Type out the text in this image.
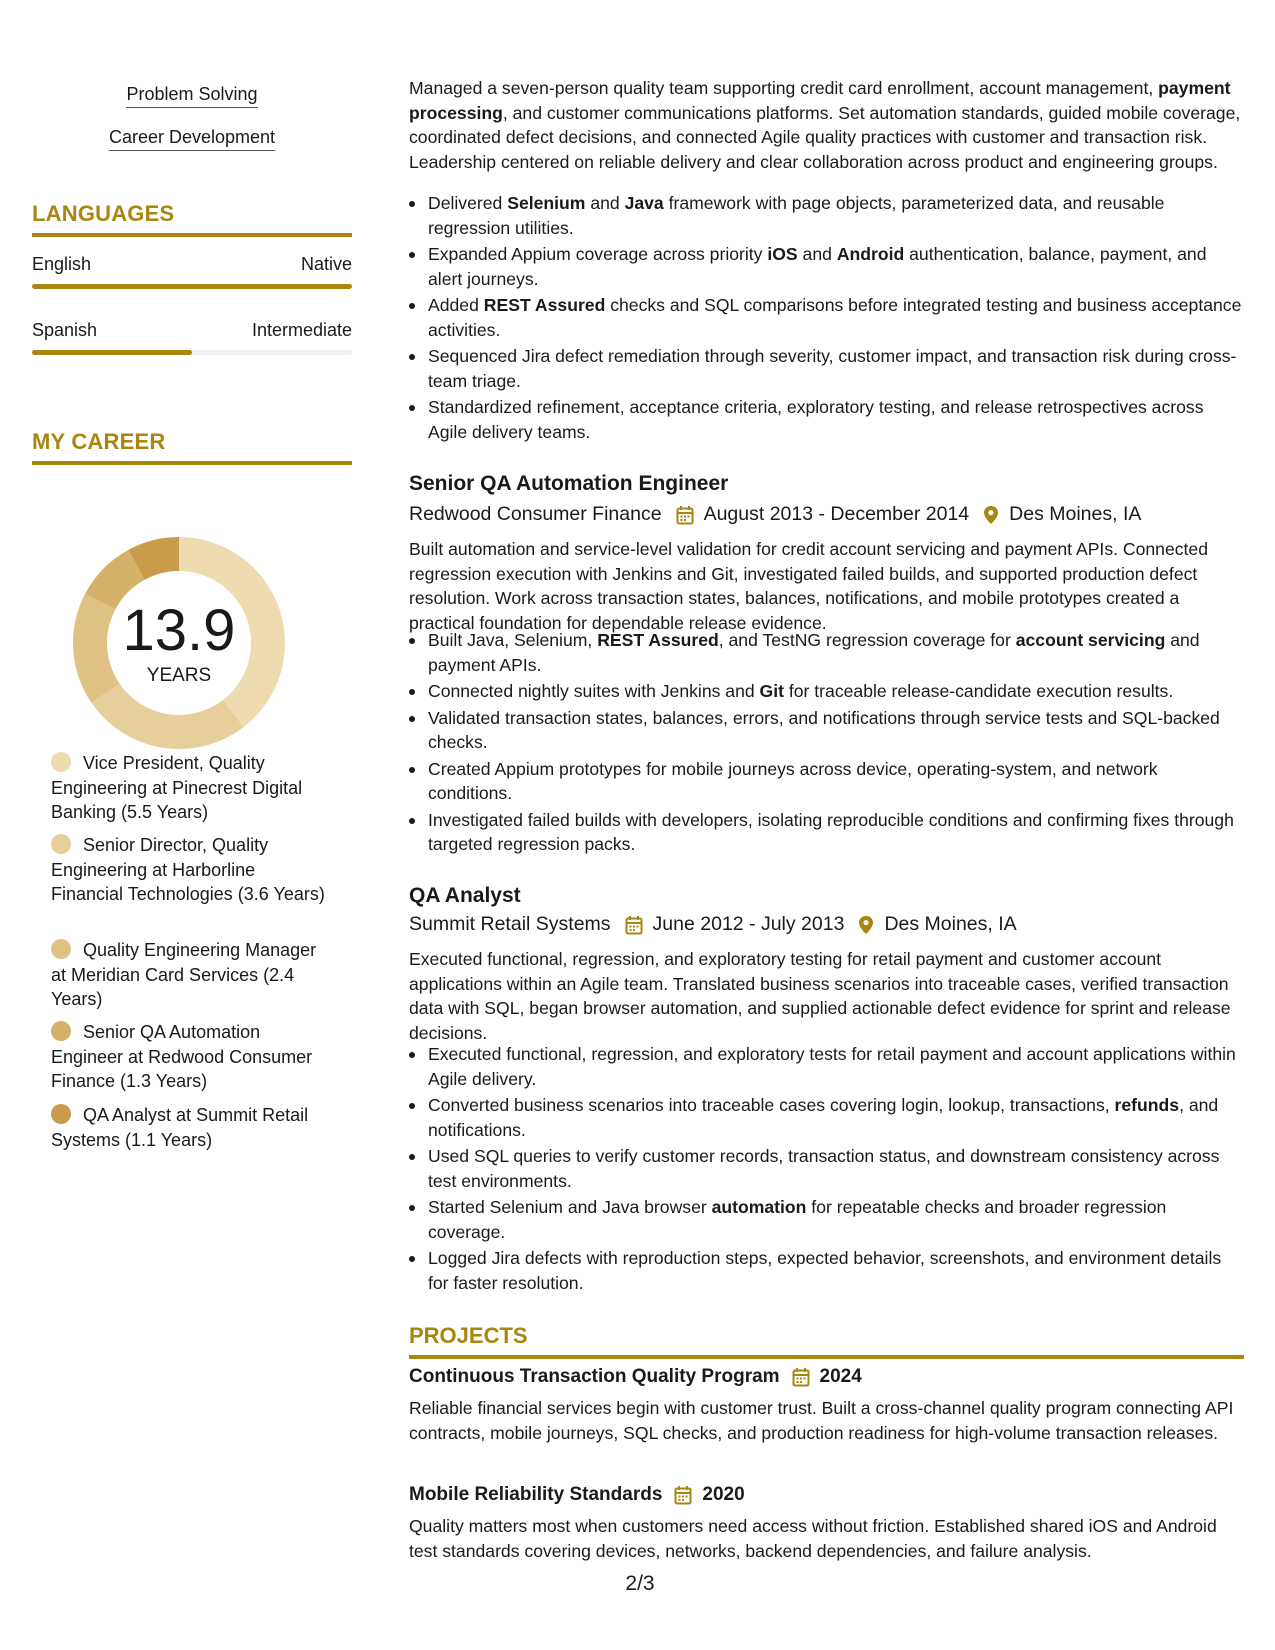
Problem Solving
Career Development
LANGUAGES
English	Native
Spanish	Intermediate
MY CAREER
13.9
YEARS
Vice President, Quality Engineering at Pinecrest Digital Banking (5.5 Years)
Senior Director, Quality Engineering at Harborline Financial Technologies (3.6 Years)
Quality Engineering Manager at Meridian Card Services (2.4 Years)
Senior QA Automation Engineer at Redwood Consumer Finance (1.3 Years)
QA Analyst at Summit Retail Systems (1.1 Years)
Managed a seven-person quality team supporting credit card enrollment, account management, payment processing, and customer communications platforms. Set automation standards, guided mobile coverage, coordinated defect decisions, and connected Agile quality practices with customer and transaction risk. Leadership centered on reliable delivery and clear collaboration across product and engineering groups.
Delivered Selenium and Java framework with page objects, parameterized data, and reusable regression utilities.
Expanded Appium coverage across priority iOS and Android authentication, balance, payment, and alert journeys.
Added REST Assured checks and SQL comparisons before integrated testing and business acceptance activities.
Sequenced Jira defect remediation through severity, customer impact, and transaction risk during cross-team triage.
Standardized refinement, acceptance criteria, exploratory testing, and release retrospectives across Agile delivery teams.
Senior QA Automation Engineer
Redwood Consumer Finance August 2013 - December 2014 Des Moines, IA
Built automation and service-level validation for credit account servicing and payment APIs. Connected regression execution with Jenkins and Git, investigated failed builds, and supported production defect resolution. Work across transaction states, balances, notifications, and mobile prototypes created a practical foundation for dependable release evidence.
Built Java, Selenium, REST Assured, and TestNG regression coverage for account servicing and payment APIs.
Connected nightly suites with Jenkins and Git for traceable release-candidate execution results.
Validated transaction states, balances, errors, and notifications through service tests and SQL-backed checks.
Created Appium prototypes for mobile journeys across device, operating-system, and network conditions.
Investigated failed builds with developers, isolating reproducible conditions and confirming fixes through targeted regression packs.
QA Analyst
Summit Retail Systems June 2012 - July 2013 Des Moines, IA
Executed functional, regression, and exploratory testing for retail payment and customer account applications within an Agile team. Translated business scenarios into traceable cases, verified transaction data with SQL, began browser automation, and supplied actionable defect evidence for sprint and release decisions.
Executed functional, regression, and exploratory tests for retail payment and account applications within Agile delivery.
Converted business scenarios into traceable cases covering login, lookup, transactions, refunds, and notifications.
Used SQL queries to verify customer records, transaction status, and downstream consistency across test environments.
Started Selenium and Java browser automation for repeatable checks and broader regression coverage.
Logged Jira defects with reproduction steps, expected behavior, screenshots, and environment details for faster resolution.
PROJECTS
Continuous Transaction Quality Program 2024
Reliable financial services begin with customer trust. Built a cross-channel quality program connecting API contracts, mobile journeys, SQL checks, and production readiness for high-volume transaction releases.
Mobile Reliability Standards 2020
Quality matters most when customers need access without friction. Established shared iOS and Android test standards covering devices, networks, backend dependencies, and failure analysis.
2/3
